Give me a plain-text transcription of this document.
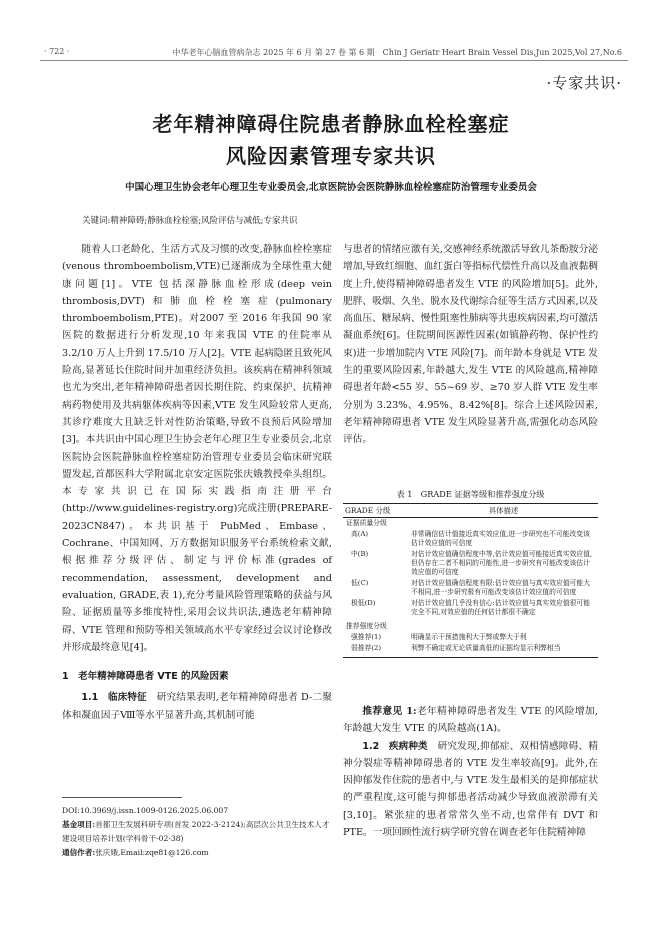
· 722 ·	中华老年心脑血管病杂志 2025 年 6 月 第 27 卷 第 6 期　Chin J Geriatr Heart Brain Vessel Dis,Jun 2025,Vol 27,No.6
·专家共识·
老年精神障碍住院患者静脉血栓栓塞症
风险因素管理专家共识
中国心理卫生协会老年心理卫生专业委员会,北京医院协会医院静脉血栓栓塞症防治管理专业委员会
关键词:精神障碍;静脉血栓栓塞;风险评估与减低;专家共识

随着人口老龄化、生活方式及习惯的改变,静脉血栓栓塞症(venous thromboembolism,VTE)已逐渐成为全球性重大健康问题[1]。VTE 包括深静脉血栓形成(deep vein thrombosis,DVT)和肺血栓栓塞症(pulmonary thromboembolism,PTE)。对2007 至 2016 年我国 90 家医院的数据进行分析发现,10 年来我国 VTE 的住院率从 3.2/10 万人上升到 17.5/10 万人[2]。VTE 起病隐匿且致死风险高,显著延长住院时间并加重经济负担。该疾病在精神科领域也尤为突出,老年精神障碍患者因长期住院、约束保护、抗精神病药物使用及共病躯体疾病等因素,VTE 发生风险较常人更高,其诊疗难度大且缺乏针对性防治策略,导致不良预后风险增加[3]。本共识由中国心理卫生协会老年心理卫生专业委员会,北京医院协会医院静脉血栓栓塞症防治管理专业委员会临床研究联盟发起,首都医科大学附属北京安定医院张庆娥教授牵头组织。本专家共识已在国际实践指南注册平台(http://www.guidelines-registry.org)完成注册(PREPARE-2023CN847)。本共识基于 PubMed、Embase、Cochrane、中国知网、万方数据知识服务平台系统检索文献,根据推荐分级评估、制定与评价标准(grades of recommendation, assessment, development and evaluation, GRADE,表 1),充分考量风险管理策略的获益与风险、证据质量等多维度特性,采用会议共识法,遴选老年精神障碍、VTE 管理和预防等相关领域高水平专家经过会议讨论修改并形成最终意见[4]。

1　老年精神障碍患者 VTE 的风险因素

1.1　临床特征　 研究结果表明,老年精神障碍患者 D-二聚体和凝血因子Ⅷ等水平显著升高,其机制可能

DOI:10.3969/j.issn.1009-0126.2025.06.007
基金项目:首都卫生发展科研专项(首发 2022-3-2124);高层次公共卫生技术人才建设项目培养计划(学科骨干-02-38)
通信作者:张庆娥,Email:zqe81@126.com

与患者的情绪应激有关,交感神经系统激活导致儿茶酚胺分泌增加,导致红细胞、血红蛋白等指标代偿性升高以及血液黏稠度上升,使得精神障碍患者发生 VTE 的风险增加[5]。此外,肥胖、吸烟、久坐、脱水及代谢综合征等生活方式因素,以及高血压、糖尿病、慢性阻塞性肺病等共患疾病因素,均可激活凝血系统[6]。住院期间医源性因素(如镇静药物、保护性约束)进一步增加院内 VTE 风险[7]。而年龄本身就是 VTE 发生的重要风险因素,年龄越大,发生 VTE 的风险越高,精神障碍患者年龄<55 岁、55~69 岁、≥70 岁人群 VTE 发生率分别为 3.23%、4.95%、8.42%[8]。综合上述风险因素,老年精神障碍患者 VTE 发生风险显著升高,需强化动态风险评估。

表 1　GRADE 证据等级和推荐强度分级
GRADE 分级	具体描述
证据质量分级	
高(A)	非常确信估计值接近真实效应值,进一步研究也不可能改变该估计效应值的可信度
中(B)	对估计效应值确信程度中等,估计效应值可能接近真实效应值,但仍存在二者不相同的可能性,进一步研究有可能改变该估计效应值的可信度
低(C)	对估计效应值确信程度有限:估计效应值与真实效应值可能大不相同,进一步研究极有可能改变该估计效应值的可信度
极低(D)	对估计效应值几乎没有信心:估计效应值与真实效应值很可能完全不同,对效应值的任何估计都很不确定
推荐强度分级	
强推荐(1)	明确显示干预措施利大于弊或弊大于利
弱推荐(2)	利弊不确定或无论质量高低的证据均显示利弊相当

推荐意见 1:老年精神障碍患者发生 VTE 的风险增加,年龄越大发生 VTE 的风险越高(1A)。

1.2　疾病种类　 研究发现,抑郁症、双相情感障碍、精神分裂症等精神障碍患者的 VTE 发生率较高[9]。此外,在因抑郁发作住院的患者中,与 VTE 发生最相关的是抑郁症状的严重程度,这可能与抑郁患者活动减少导致血液淤滞有关[3,10]。紧张症的患者常常久坐不动,也常伴有 DVT 和 PTE。一项回顾性流行病学研究曾在调查老年住院精神障
